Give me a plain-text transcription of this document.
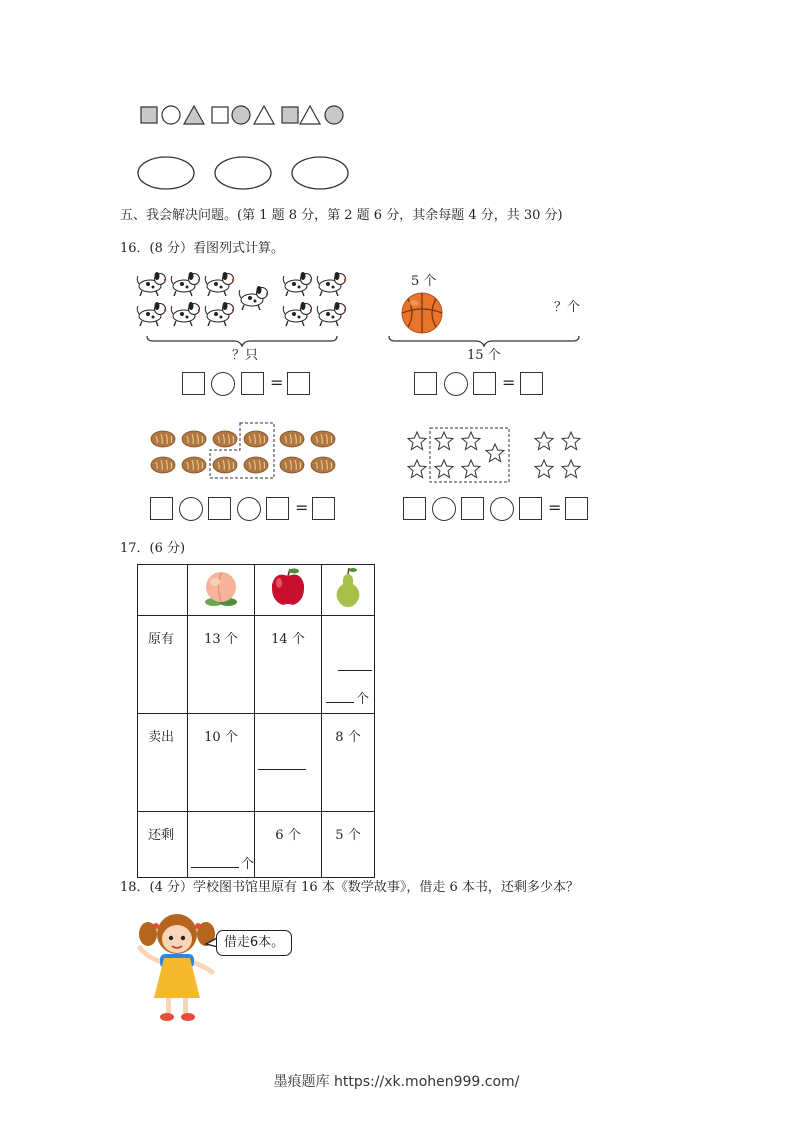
五、我会解决问题。(第 1 题 8 分，第 2 题 6 分，其余每题 4 分，共 30 分)
16．(8 分）看图列式计算。
？只
=
5 个
？个
15 个
=
=	=
17．(6 分)

原有	13 个	14 个	个

卖出	10 个		8 个

还剩	个	6 个	5 个
18．(4 分）学校图书馆里原有 16 本《数学故事》，借走 6 本书，还剩多少本？
借走6本。
墨痕题库 https://xk.mohen999.com/
